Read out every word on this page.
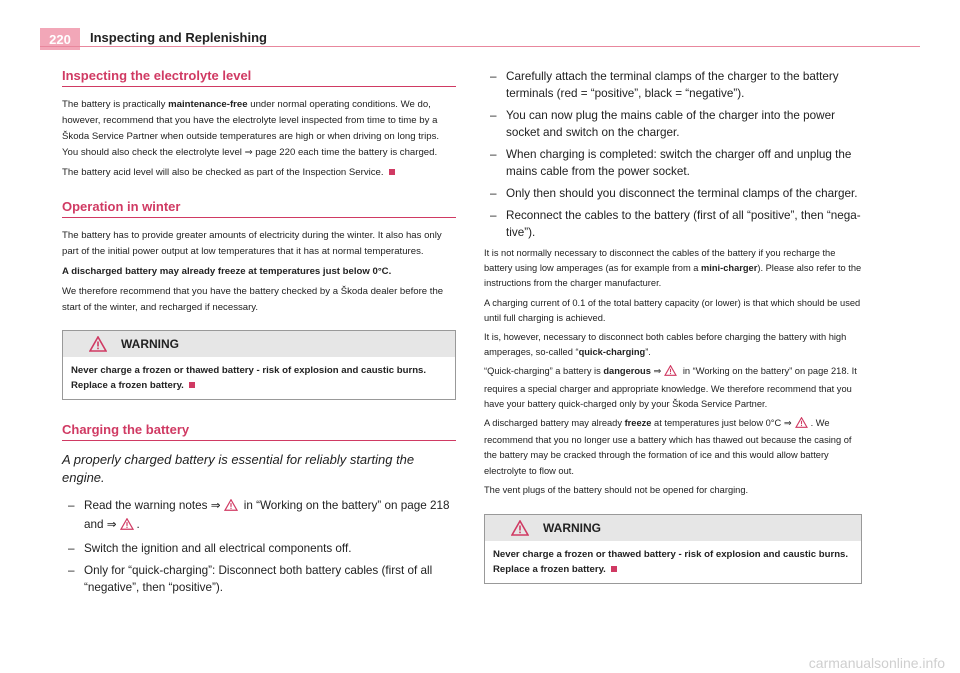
220	Inspecting and Replenishing
Inspecting the electrolyte level

The battery is practically maintenance-free under normal operating conditions. We do, however, recommend that you have the electrolyte level inspected from time to time by a Škoda Service Partner when outside temperatures are high or when driving on long trips. You should also check the electrolyte level ⇒ page 220 each time the battery is charged.

The battery acid level will also be checked as part of the Inspection Service.

Operation in winter

The battery has to provide greater amounts of electricity during the winter. It also has only part of the initial power output at low temperatures that it has at normal temperatures.

A discharged battery may already freeze at temperatures just below 0°C.

We therefore recommend that you have the battery checked by a Škoda dealer before the start of the winter, and recharged if necessary.

WARNING
Never charge a frozen or thawed battery - risk of explosion and caustic burns. Replace a frozen battery.
Charging the battery
A properly charged battery is essential for reliably starting the engine.
– Read the warning notes ⇒ in “Working on the battery” on page 218 and ⇒ .
– Switch the ignition and all electrical components off.
– Only for “quick-charging”: Disconnect both battery cables (first of all “negative”, then “positive”).
– Carefully attach the terminal clamps of the charger to the battery terminals (red = “positive”, black = “negative”).
– You can now plug the mains cable of the charger into the power socket and switch on the charger.
– When charging is completed: switch the charger off and unplug the mains cable from the power socket.
– Only then should you disconnect the terminal clamps of the charger.
– Reconnect the cables to the battery (first of all “positive”, then “nega-tive”).

It is not normally necessary to disconnect the cables of the battery if you recharge the battery using low amperages (as for example from a mini-charger). Please also refer to the instructions from the charger manufacturer.

A charging current of 0.1 of the total battery capacity (or lower) is that which should be used until full charging is achieved.

It is, however, necessary to disconnect both cables before charging the battery with high amperages, so-called “quick-charging”.

“Quick-charging” a battery is dangerous ⇒ in “Working on the battery” on page 218. It requires a special charger and appropriate knowledge. We therefore recommend that you have your battery quick-charged only by your Škoda Service Partner.

A discharged battery may already freeze at temperatures just below 0°C ⇒ . We recommend that you no longer use a battery which has thawed out because the casing of the battery may be cracked through the formation of ice and this would allow battery electrolyte to flow out.

The vent plugs of the battery should not be opened for charging.

WARNING
Never charge a frozen or thawed battery - risk of explosion and caustic burns. Replace a frozen battery.
carmanualsonline.info
